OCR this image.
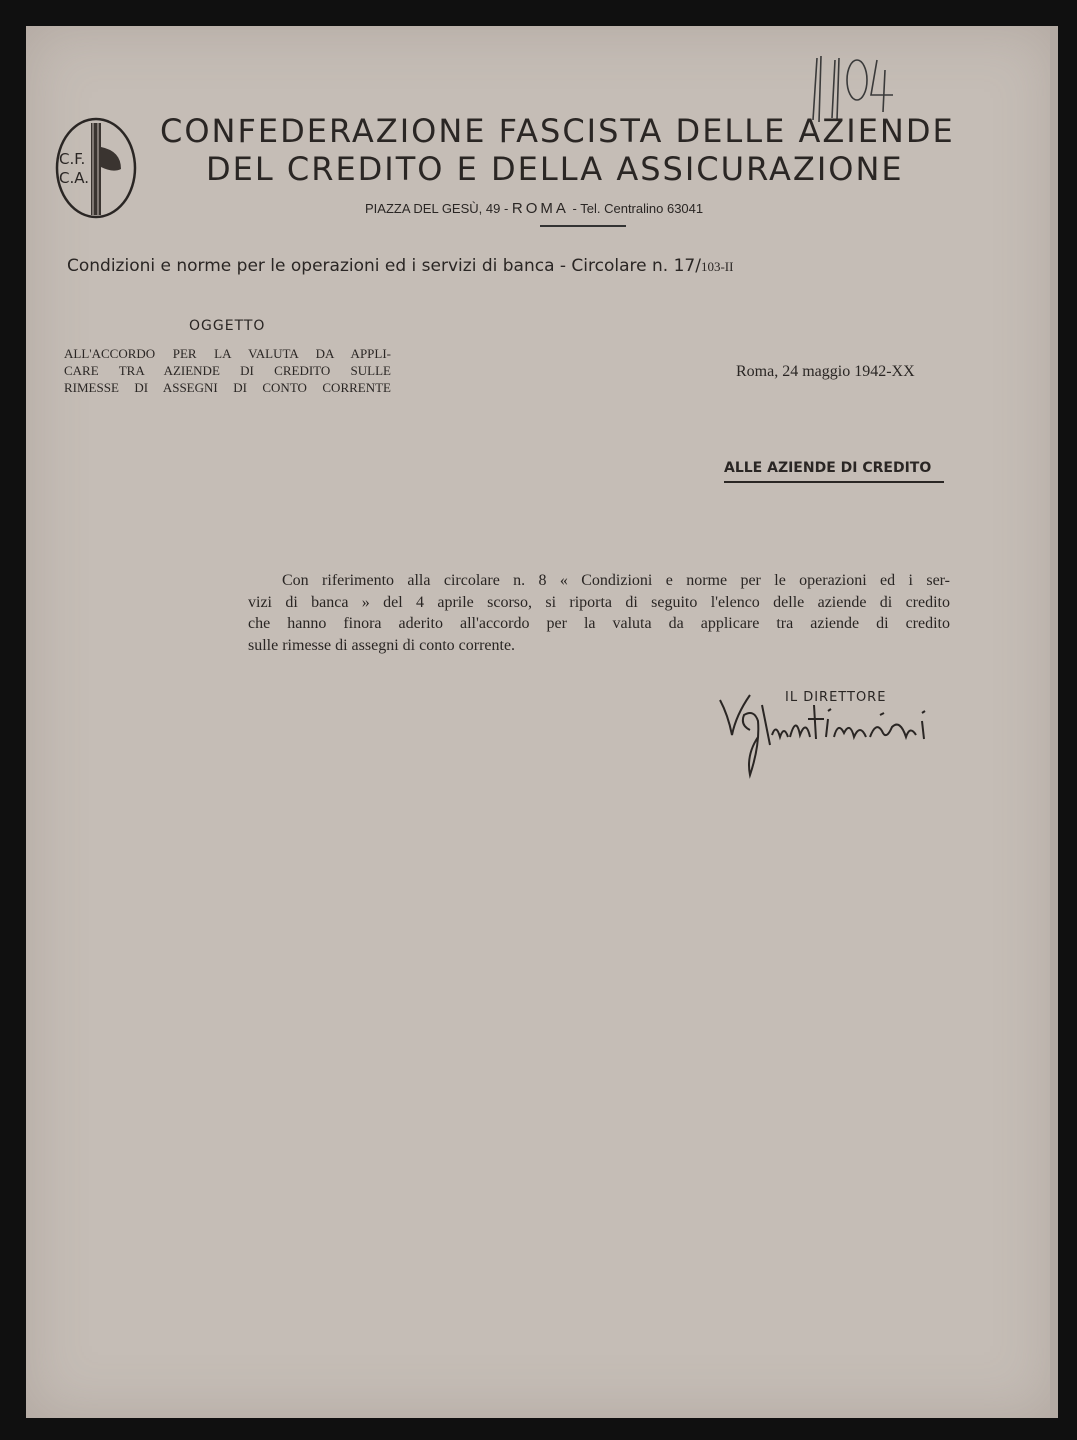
C.F.
C.A.
CONFEDERAZIONE FASCISTA DELLE AZIENDE
DEL CREDITO E DELLA ASSICURAZIONE
PIAZZA DEL GESÙ, 49 - ROMA - Tel. Centralino 63041
Condizioni e norme per le operazioni ed i servizi di banca - Circolare n. 17/103-II
OGGETTO
ALL'ACCORDO PER LA VALUTA DA APPLI-
CARE TRA AZIENDE DI CREDITO SULLE
RIMESSE DI ASSEGNI DI CONTO CORRENTE
Roma, 24 maggio 1942-XX
ALLE AZIENDE DI CREDITO
Con riferimento alla circolare n. 8 « Condizioni e norme per le operazioni ed i ser-
vizi di banca » del 4 aprile scorso, si riporta di seguito l'elenco delle aziende di credito
che hanno finora aderito all'accordo per la valuta da applicare tra aziende di credito
sulle rimesse di assegni di conto corrente.
IL DIRETTORE
